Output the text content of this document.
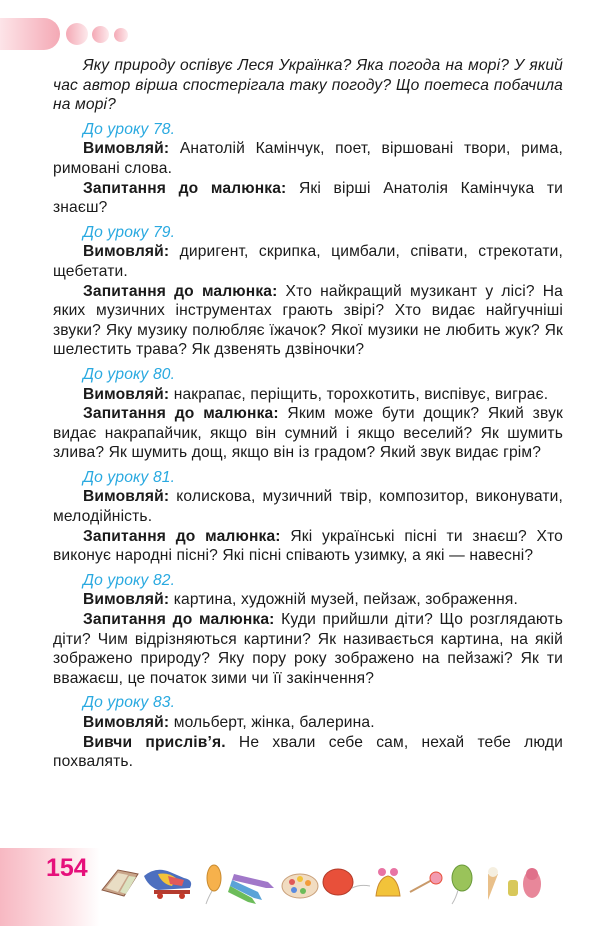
Яку природу оспівує Леся Українка? Яка погода на морі? У який час автор вірша спостерігала таку погоду? Що поетеса побачила на морі?

До уроку 78.

Вимовляй: Анатолій Камінчук, поет, віршовані твори, рима, римовані слова.

Запитання до малюнка: Які вірші Анатолія Камінчука ти знаєш?

До уроку 79.

Вимовляй: диригент, скрипка, цимбали, співати, стрекотати, щебетати.

Запитання до малюнка: Хто найкращий музикант у лісі? На яких музичних інструментах грають звірі? Хто видає найгучніші звуки? Яку музику полюбляє їжачок? Якої музики не любить жук? Як шелестить трава? Як дзвенять дзвіночки?

До уроку 80.

Вимовляй: накрапає, періщить, торохкотить, виспівує, виграє.

Запитання до малюнка: Яким може бути дощик? Який звук видає накрапайчик, якщо він сумний і якщо веселий? Як шумить злива? Як шумить дощ, якщо він із градом? Який звук видає грім?

До уроку 81.

Вимовляй: колискова, музичний твір, композитор, виконувати, мелодійність.

Запитання до малюнка: Які українські пісні ти знаєш? Хто виконує народні пісні? Які пісні співають узимку, а які — навесні?

До уроку 82.

Вимовляй: картина, художній музей, пейзаж, зображення.

Запитання до малюнка: Куди прийшли діти? Що розглядають діти? Чим відрізняються картини? Як називається картина, на якій зображено природу? Яку пору року зображено на пейзажі? Як ти вважаєш, це початок зими чи її закінчення?

До уроку 83.

Вимовляй: мольберт, жінка, балерина.

Вивчи прислів’я. Не хвали себе сам, нехай тебе люди похвалять.

154
